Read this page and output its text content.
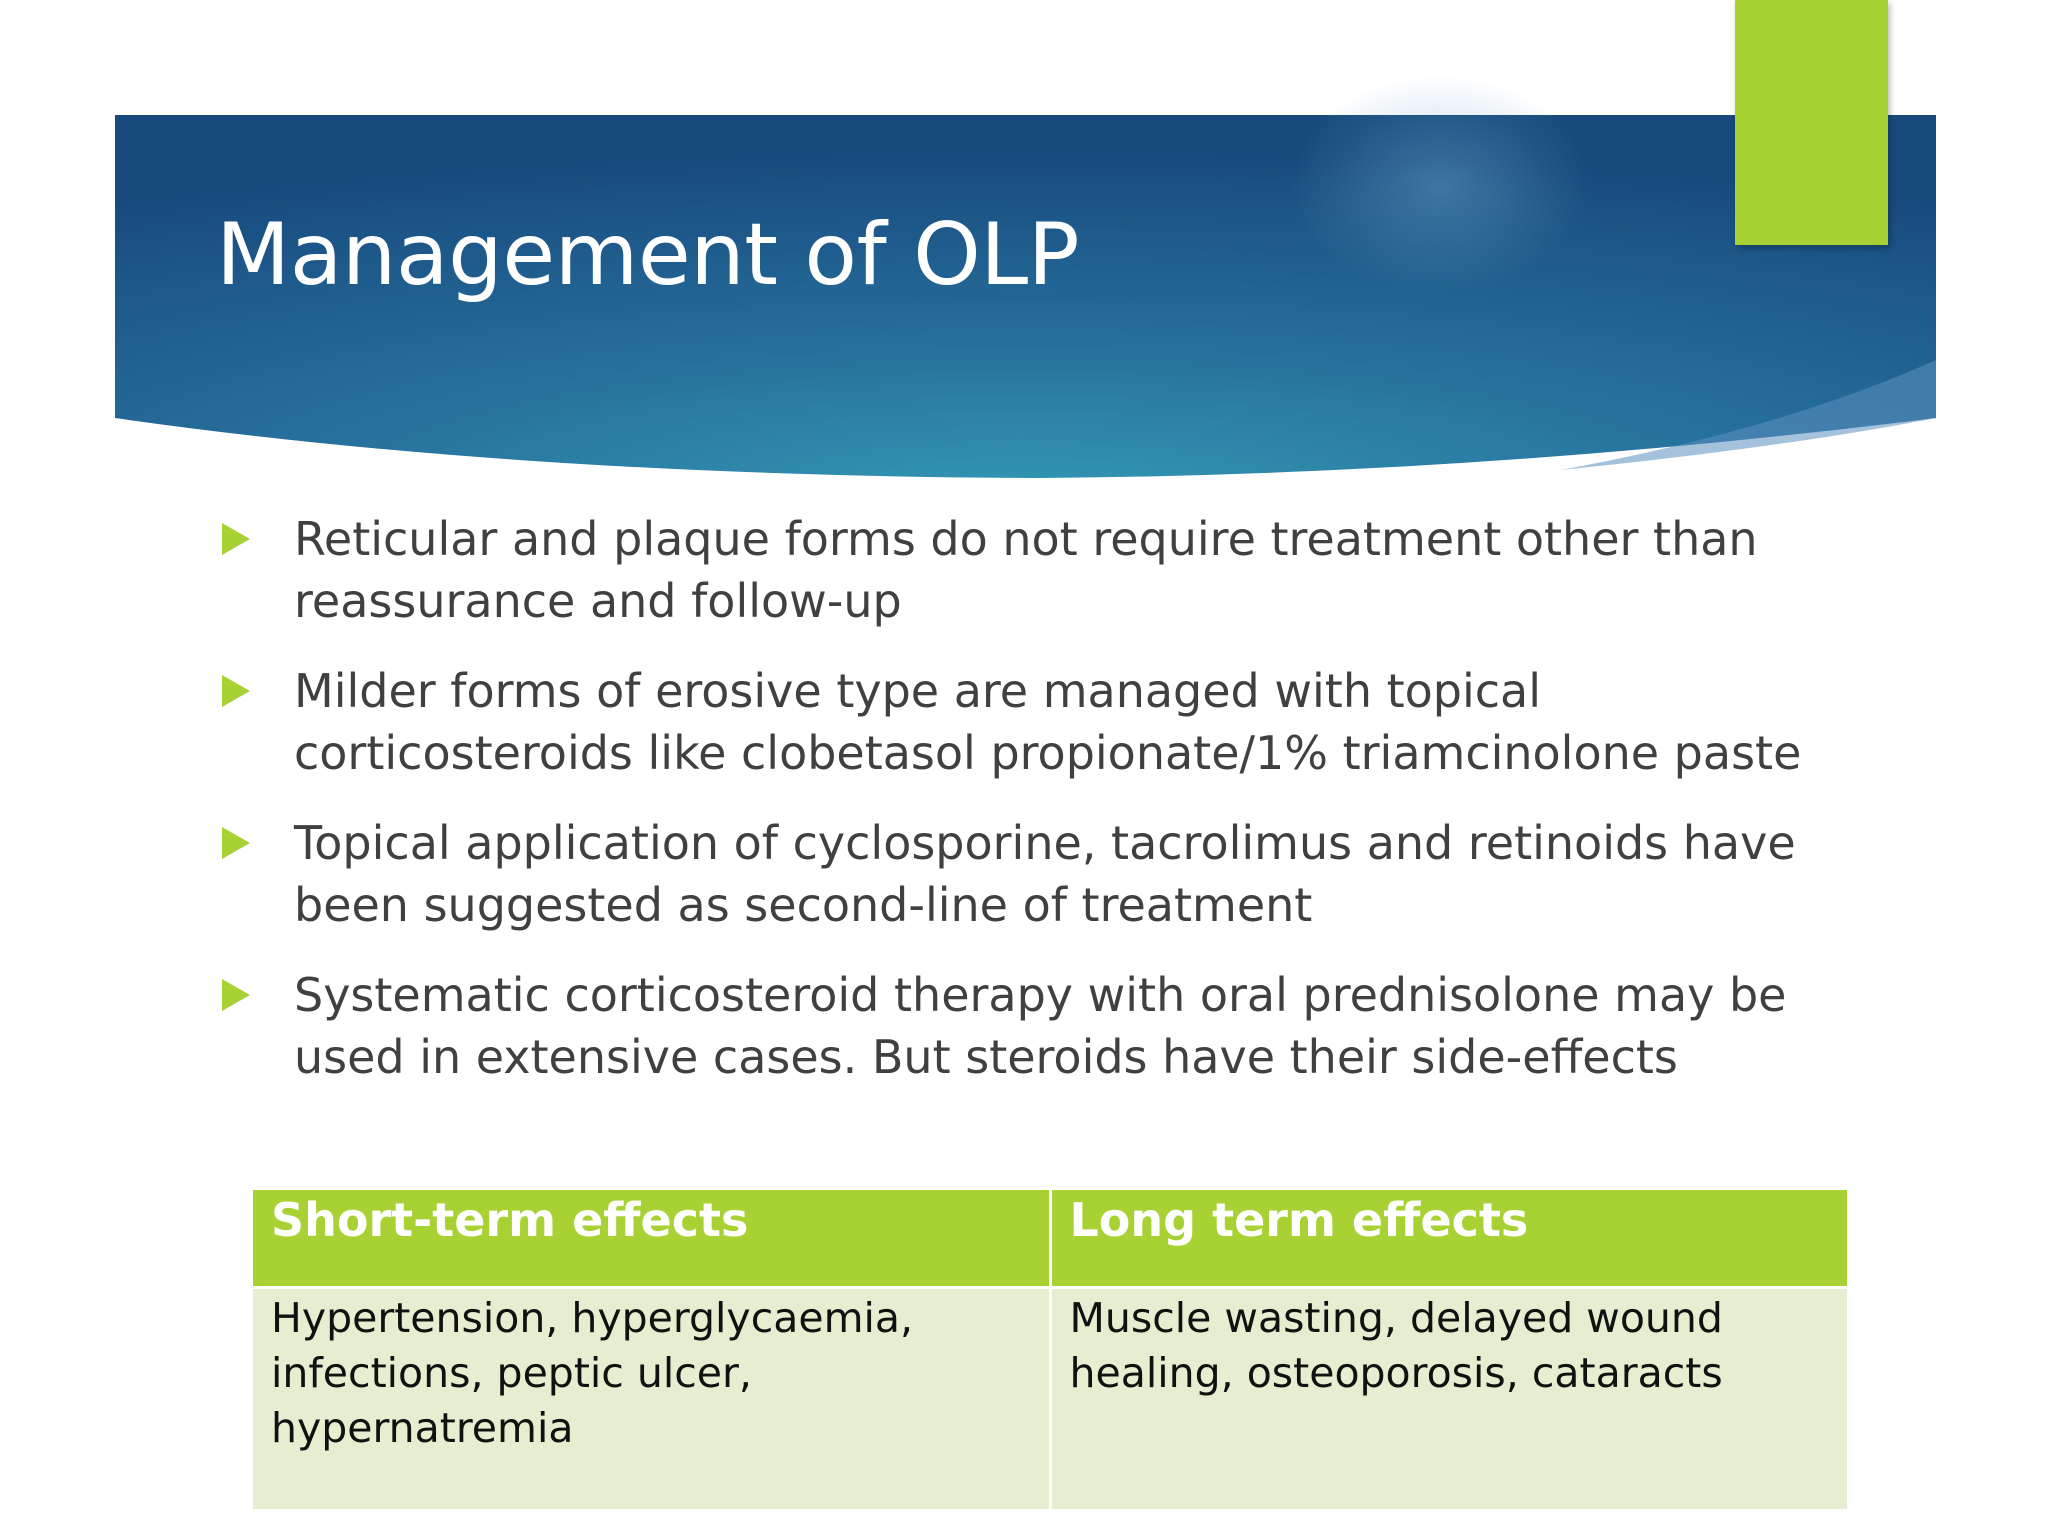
Management of OLP
Reticular and plaque forms do not require treatment other than reassurance and follow-up
Milder forms of erosive type are managed with topical corticosteroids like clobetasol propionate/1% triamcinolone paste
Topical application of cyclosporine, tacrolimus and retinoids have been suggested as second-line of treatment
Systematic corticosteroid therapy with oral prednisolone may be used in extensive cases. But steroids have their side-effects
Short-term effects	Long term effects
Hypertension, hyperglycaemia, infections, peptic ulcer, hypernatremia	Muscle wasting, delayed wound healing, osteoporosis, cataracts
